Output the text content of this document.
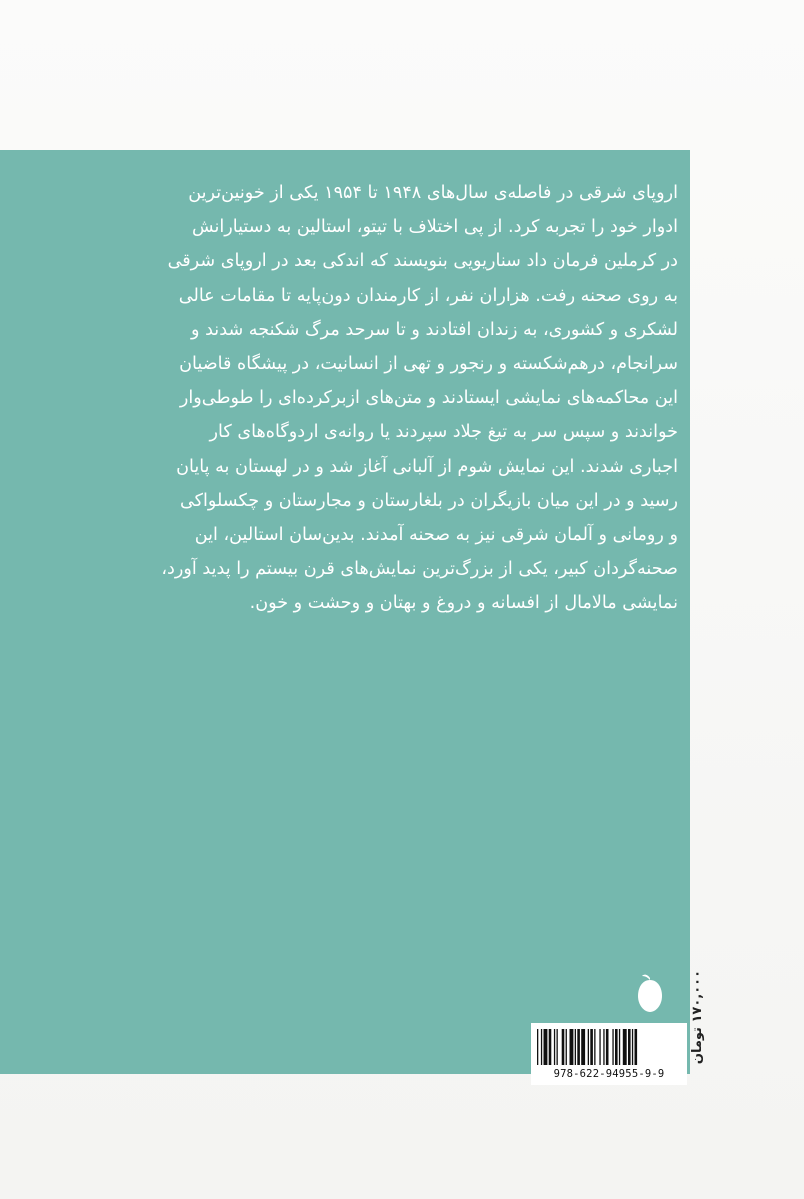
اروپای شرقی در فاصله‌ی سال‌های ۱۹۴۸ تا ۱۹۵۴ یکی از خونین‌ترین
ادوار خود را تجربه کرد. از پی اختلاف با تیتو، استالین به دستیارانش
در کرملین فرمان داد سناریویی بنویسند که اندکی بعد در اروپای شرقی
به روی صحنه رفت. هزاران نفر، از کارمندان دون‌پایه تا مقامات عالی
لشکری و کشوری، به زندان افتادند و تا سرحد مرگ شکنجه شدند و
سرانجام، درهم‌شکسته و رنجور و تهی از انسانیت، در پیشگاه قاضیان
این محاکمه‌های نمایشی ایستادند و متن‌های ازبرکرده‌ای را طوطی‌وار
خواندند و سپس سر به تیغ جلاد سپردند یا روانه‌ی اردوگاه‌های کار
اجباری شدند. این نمایش شوم از آلبانی آغاز شد و در لهستان به پایان
رسید و در این میان بازیگران در بلغارستان و مجارستان و چکسلواکی
و رومانی و آلمان شرقی نیز به صحنه آمدند. بدین‌سان استالین، این
صحنه‌گردان کبیر، یکی از بزرگ‌ترین نمایش‌های قرن بیستم را پدید آورد،
نمایشی مالامال از افسانه و دروغ و بهتان و وحشت و خون.
978-622-94955-9-9
۱۷۰,۰۰۰ تومان
